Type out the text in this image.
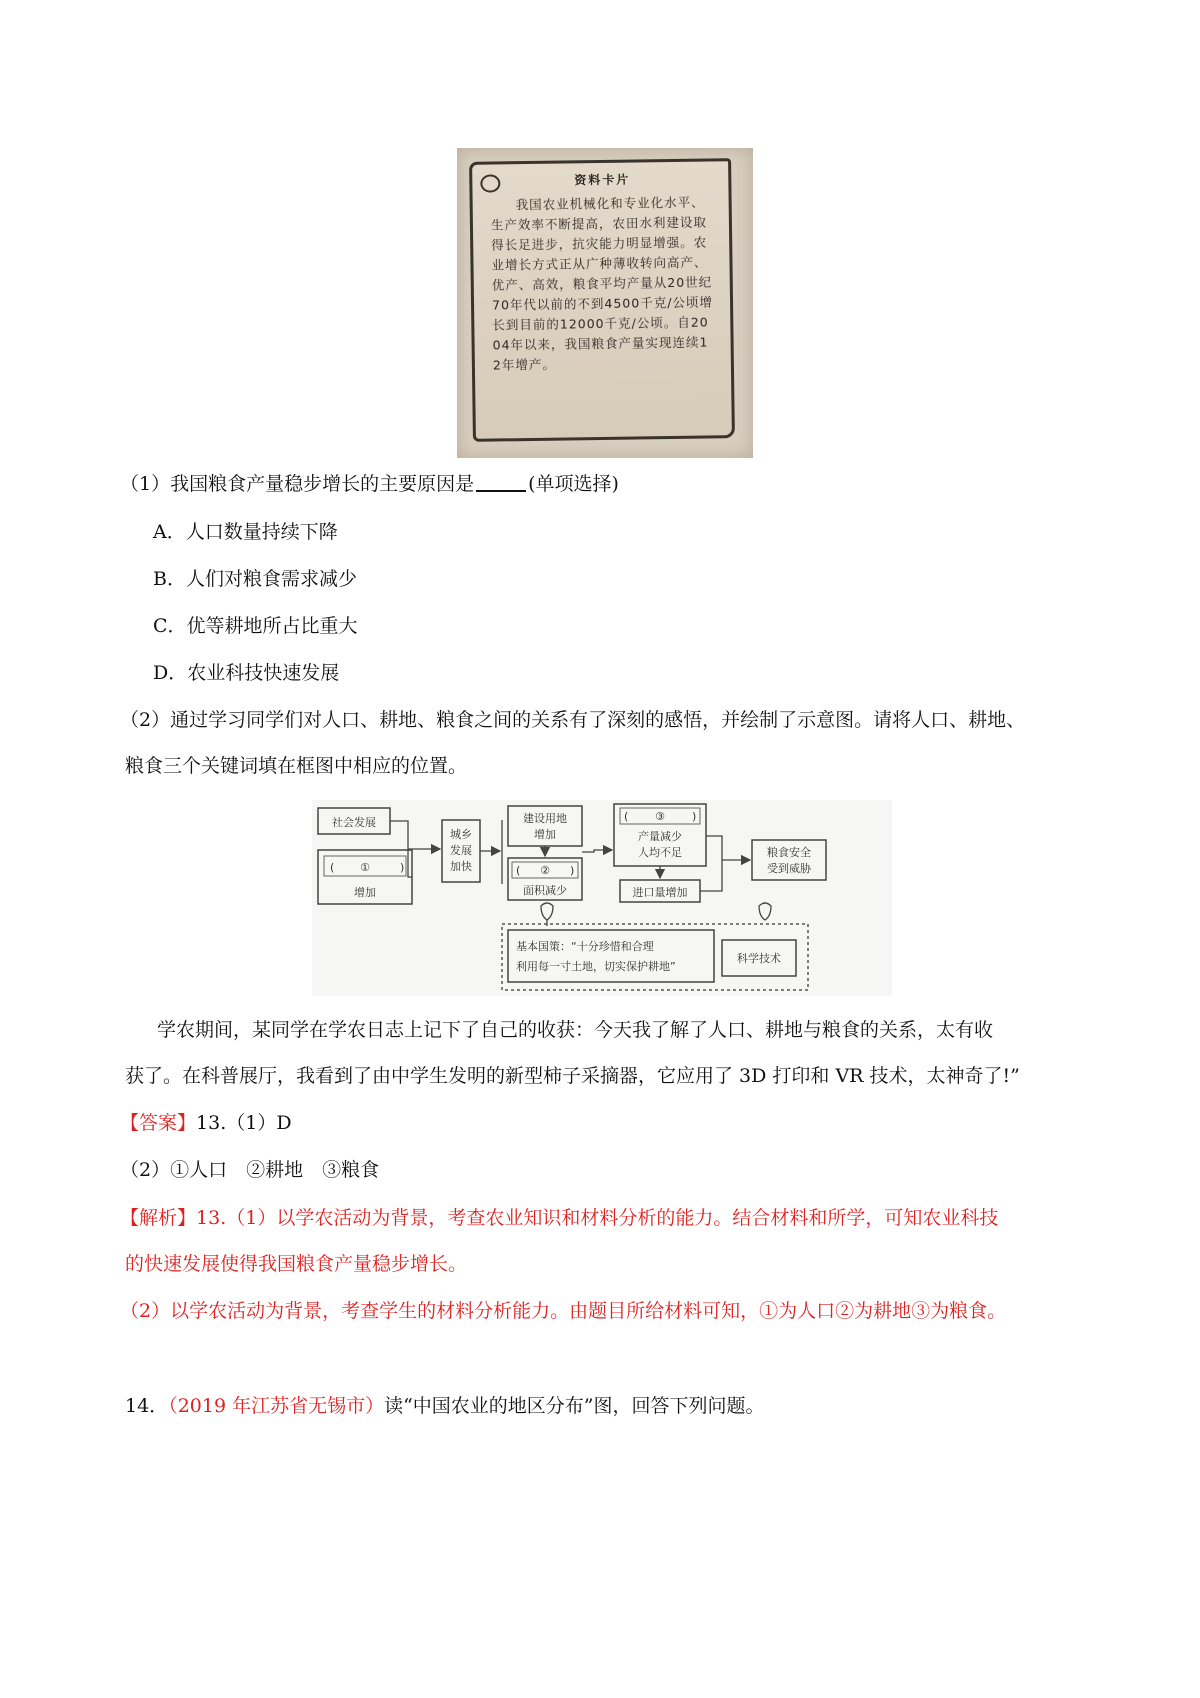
资料卡片
我国农业机械化和专业化水平、生产效率不断提高，农田水利建设取得长足进步，抗灾能力明显增强。农业增长方式正从广种薄收转向高产、优产、高效，粮食平均产量从20世纪70年代以前的不到4500千克/公顷增长到目前的12000千克/公顷。自2004年以来，我国粮食产量实现连续12年增产。
（1）我国粮食产量稳步增长的主要原因是	(单项选择)
A．人口数量持续下降
B．人们对粮食需求减少
C．优等耕地所占比重大
D．农业科技快速发展
（2）通过学习同学们对人口、耕地、粮食之间的关系有了深刻的感悟，并绘制了示意图。请将人口、耕地、
粮食三个关键词填在框图中相应的位置。
社会发展
(	)
①
增加
城乡
发展
加快
建设用地
增加
(	)
②
面积减少
(	)
③
产量减少
人均不足
进口量增加
粮食安全
受到威胁
基本国策：“十分珍惜和合理
利用每一寸土地，切实保护耕地”
科学技术
学农期间，某同学在学农日志上记下了自己的收获：今天我了解了人口、耕地与粮食的关系，太有收
获了。在科普展厅，我看到了由中学生发明的新型柿子采摘器，它应用了 3D 打印和 VR 技术，太神奇了!”
【答案】13.（1）D
（2）①人口　②耕地　③粮食
【解析】13.（1）以学农活动为背景，考查农业知识和材料分析的能力。结合材料和所学，可知农业科技
的快速发展使得我国粮食产量稳步增长。
（2）以学农活动为背景，考查学生的材料分析能力。由题目所给材料可知，①为人口②为耕地③为粮食。
14．（2019 年江苏省无锡市）读“中国农业的地区分布”图，回答下列问题。
